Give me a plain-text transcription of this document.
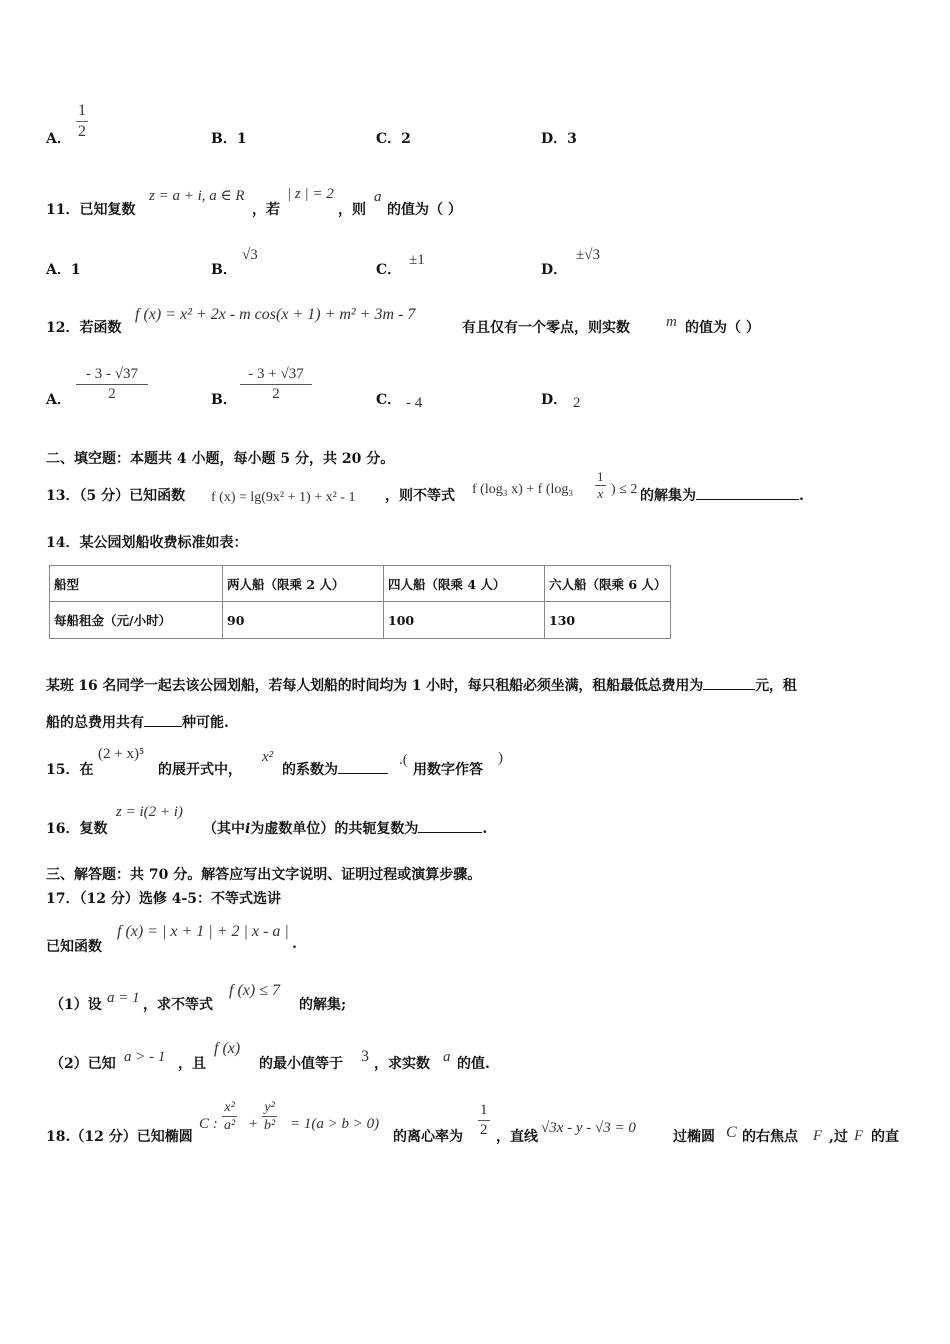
A． $\frac{1}{2}$	B．1	C．2	D．3
11．已知复数
z = a + i, a ∈ R
，若
| z | = 2
，则
a
的值为（ ）
A．1	B．
√3
C．
±1
D．
±√3
12．若函数
f (x) = x² + 2x - m cos(x + 1) + m² + 3m - 7
有且仅有一个零点，则实数 m 的值为（ ）
A． $\frac{- 3 - √37}{2}$	B． $\frac{- 3 + √37}{2}$	C． - 4	D． 2
二、填空题：本题共 4 小题，每小题 5 分，共 20 分。
13．（5 分）已知函数 f (x) = lg(9x² + 1) + x² - 1 ，则不等式 f (log₃ x) + f ($\log_3 \frac{1}{x}$ ) ≤ 2 的解集为	.
14．某公园划船收费标准如表：
船型	两人船（限乘 2 人）	四人船（限乘 4 人）	六人船（限乘 6 人）
每船租金（元/小时）	90	100	130
某班 16 名同学一起去该公园划船，若每人划船的时间均为 1 小时，每只租船必须坐满，租船最低总费用为	元，租
船的总费用共有	种可能.
15．在
(2 + x)⁵
的展开式中，
x²
的系数为
.(
用数字作答
)
16．复数
z = i(2 + i)
（其中i为虚数单位）的共轭复数为	.
三、解答题：共 70 分。解答应写出文字说明、证明过程或演算步骤。
17．（12 分）选修 4-5：不等式选讲
已知函数
f (x) = | x + 1 | + 2 | x - a |
.
（1）设 a = 1 ，求不等式
f (x) ≤ 7
的解集;
（2）已知 a > - 1 ，且
f (x)
的最小值等于 3 ，求实数 a 的值.
18.（12 分）已知椭圆
C : $\frac{\text{x²}}{\text{a²}} + \frac{\text{y²}}{\text{b²}} = 1(a > b > 0)$
的离心率为 $\frac{1}{2}$ ，直线
√3x - y - √3 = 0
过椭圆 C 的右焦点 F ,过 F 的直
